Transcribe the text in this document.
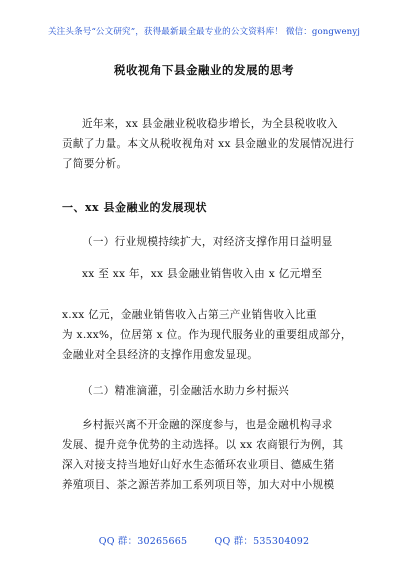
关注头条号“公文研究”，获得最新最全最专业的公文资料库！ 微信：gongwenyj
税收视角下县金融业的发展的思考
近年来，xx 县金融业税收稳步增长，为全县税收收入
贡献了力量。本文从税收视角对 xx 县金融业的发展情况进行
了简要分析。
一、xx 县金融业的发展现状
（一）行业规模持续扩大，对经济支撑作用日益明显
xx 至 xx 年，xx 县金融业销售收入由 x 亿元增至
x.xx 亿元，金融业销售收入占第三产业销售收入比重
为 x.xx%，位居第 x 位。作为现代服务业的重要组成部分，
金融业对全县经济的支撑作用愈发显现。
（二）精准滴灌，引金融活水助力乡村振兴
乡村振兴离不开金融的深度参与，也是金融机构寻求
发展、提升竞争优势的主动选择。以 xx 农商银行为例，其
深入对接支持当地好山好水生态循环农业项目、德威生猪
养殖项目、茶之源苦荞加工系列项目等，加大对中小规模
QQ 群：30265665	QQ 群：535304092
